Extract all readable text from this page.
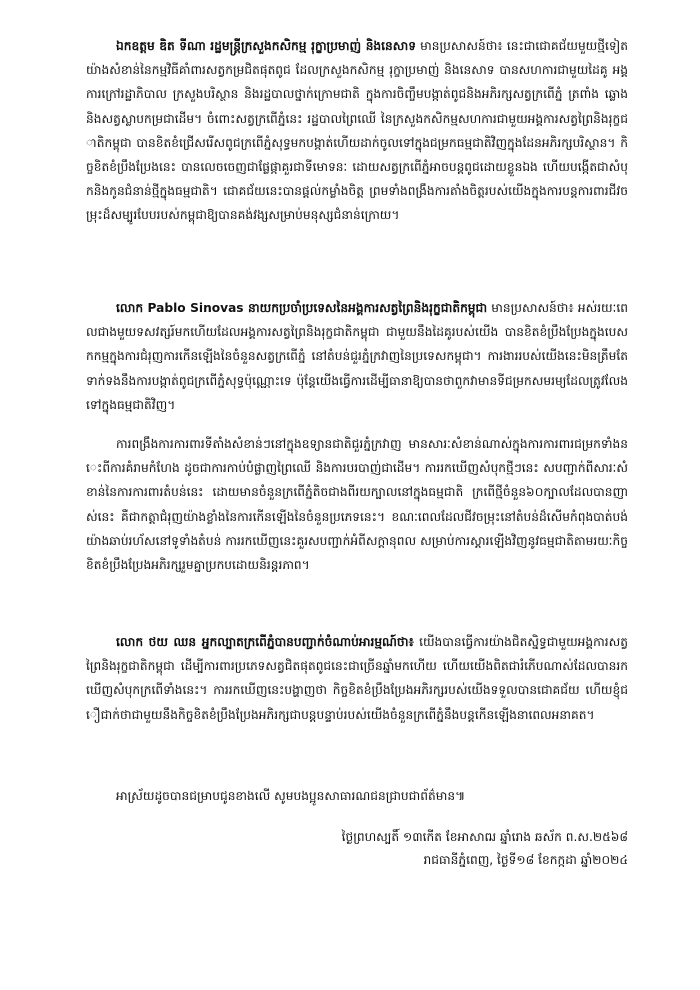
ឯកឧត្តម ឌិត ទីណា រដ្ឋមន្ត្រីក្រសួងកសិកម្ម រុក្ខាប្រមាញ់ និងនេសាទ មានប្រសាសន៍ថា៖ នេះជាជោគជ័យមួយថ្មីទៀតយ៉ាងសំខាន់នៃកម្មវិធីគាំពារសត្វកម្រជិតផុតពូជ ដែលក្រសួងកសិកម្ម រុក្ខាប្រមាញ់ និងនេសាទ បានសហការជាមួយដៃគូ អង្គការក្រៅរដ្ឋាភិបាល ក្រសួងបរិស្ថាន និងរដ្ឋបាលថ្នាក់ក្រោមជាតិ ក្នុងការចិញ្ចឹមបង្កាត់ពូជនិងអភិរក្សសត្វក្រពើភ្នំ ត្រពាំង ឆ្លោង និងសត្វស្លាបកម្រជាដើម។ ចំពោះសត្វក្រពើភ្នំនេះ រដ្ឋបាលព្រៃឈើ នៃក្រសួងកសិកម្មសហការជាមួយអង្គការសត្វព្រៃនិងរុក្ខជាតិកម្ពុជា បានខិតខំជ្រើសរើសពូជក្រពើភ្នំសុទ្ធមកបង្កាត់ហើយដាក់ចូលទៅក្នុងជម្រកធម្មជាតិវិញក្នុងដែនអភិរក្សបរិស្ថាន។ កិច្ចខិតខំប្រឹងប្រែងនេះ បានលេចចេញជាផ្លែផ្កាគួរជាទីមោទនៈ ដោយសត្វក្រពើភ្នំអាចបន្តពូជដោយខ្លួនឯង ហើយបង្កើតជាសំបុកនិងកូនជំនាន់ថ្មីក្នុងធម្មជាតិ។ ជោគជ័យនេះបានផ្ដល់កម្លាំងចិត្ត ព្រមទាំងពង្រឹងការតាំងចិត្តរបស់យើងក្នុងការបន្តការពារជីវចម្រុះដ៏សម្បូរបែបរបស់កម្ពុជាឱ្យបានគង់វង្សសម្រាប់មនុស្សជំនាន់ក្រោយ។

លោក Pablo Sinovas នាយកប្រចាំប្រទេសនៃអង្គការសត្វព្រៃនិងរុក្ខជាតិកម្ពុជា មានប្រសាសន៍ថា៖ អស់រយៈពេលជាងមួយទសវត្សរ៍មកហើយដែលអង្គការសត្វព្រៃនិងរុក្ខជាតិកម្ពុជា ជាមួយនឹងដៃគូរបស់យើង បានខិតខំប្រឹងប្រែងក្នុងបេសកកម្មក្នុងការជំរុញការកើនឡើងនៃចំនួនសត្វក្រពើភ្នំ នៅតំបន់ជួរភ្នំក្រវាញនៃប្រទេសកម្ពុជា។ ការងាររបស់យើងនេះមិនត្រឹមតែទាក់ទងនឹងការបង្កាត់ពូជក្រពើភ្នំសុទ្ធប៉ុណ្ណោះទេ ប៉ុន្តែយើងធ្វើការដើម្បីធានាឱ្យបានថាពួកវាមានទីជម្រកសមរម្យដែលត្រូវលែងទៅក្នុងធម្មជាតិវិញ។

ការពង្រឹងការការពារទីតាំងសំខាន់ៗនៅក្នុងឧទ្យានជាតិជួរភ្នំក្រវាញ មានសារៈសំខាន់ណាស់ក្នុងការការពារជម្រកទាំងនេះពីការគំរាមកំហែង ដូចជាការកាប់បំផ្លាញព្រៃឈើ និងការបរបាញ់ជាដើម។ ការរកឃើញសំបុកថ្មីៗនេះ សបញ្ជាក់ពីសារៈសំខាន់នៃការការពារតំបន់នេះ ដោយមានចំនួនក្រពើភ្នំតិចជាងពីរយក្បាលនៅក្នុងធម្មជាតិ ក្រពើថ្មីចំនួន៦០ក្បាលដែលបានញាស់នេះ គឺជាកត្តាជំរុញយ៉ាងខ្លាំងនៃការកើនឡើងនៃចំនួនប្រភេទនេះ។ ខណៈពេលដែលជីវចម្រុះនៅតំបន់ដ៏សើមកំពុងបាត់បង់យ៉ាងឆាប់រហ័សនៅទូទាំងតំបន់ ការរកឃើញនេះគួរសបញ្ជាក់អំពីសក្ដានុពល សម្រាប់ការស្ដារឡើងវិញនូវធម្មជាតិតាមរយៈកិច្ចខិតខំប្រឹងប្រែងអភិរក្សរួមគ្នាប្រកបដោយនិរន្តរភាព។

លោក ថយ ឈន អ្នកល្បាតក្រពើភ្នំបានបញ្ជាក់ចំណាប់អារម្មណ៍ថា៖ យើងបានធ្វើការយ៉ាងជិតស្និទ្ធជាមួយអង្គការសត្វព្រៃនិងរុក្ខជាតិកម្ពុជា ដើម្បីការពារប្រភេទសត្វជិតផុតពូជនេះជាច្រើនឆ្នាំមកហើយ ហើយយើងពិតជារំភើបណាស់ដែលបានរកឃើញសំបុកក្រពើទាំងនេះ។ ការរកឃើញនេះបង្ហាញថា កិច្ចខិតខំប្រឹងប្រែងអភិរក្សរបស់យើងទទួលបានជោគជ័យ ហើយខ្ញុំជឿជាក់ថាជាមួយនឹងកិច្ចខិតខំប្រឹងប្រែងអភិរក្សជាបន្តបន្ទាប់របស់យើងចំនួនក្រពើភ្នំនឹងបន្តកើនឡើងនាពេលអនាគត។

អាស្រ័យដូចបានជម្រាបជូនខាងលើ សូមបងប្អូនសាធារណជនជ្រាបជាព័ត៌មាន៕

ថ្ងៃព្រហស្បតិ៍ ១៣កើត ខែអាសាឍ ឆ្នាំរោង ឆស័ក ព.ស.២៥៦៨
រាជធានីភ្នំពេញ, ថ្ងៃទី១៨ ខែកក្កដា ឆ្នាំ២០២៤
